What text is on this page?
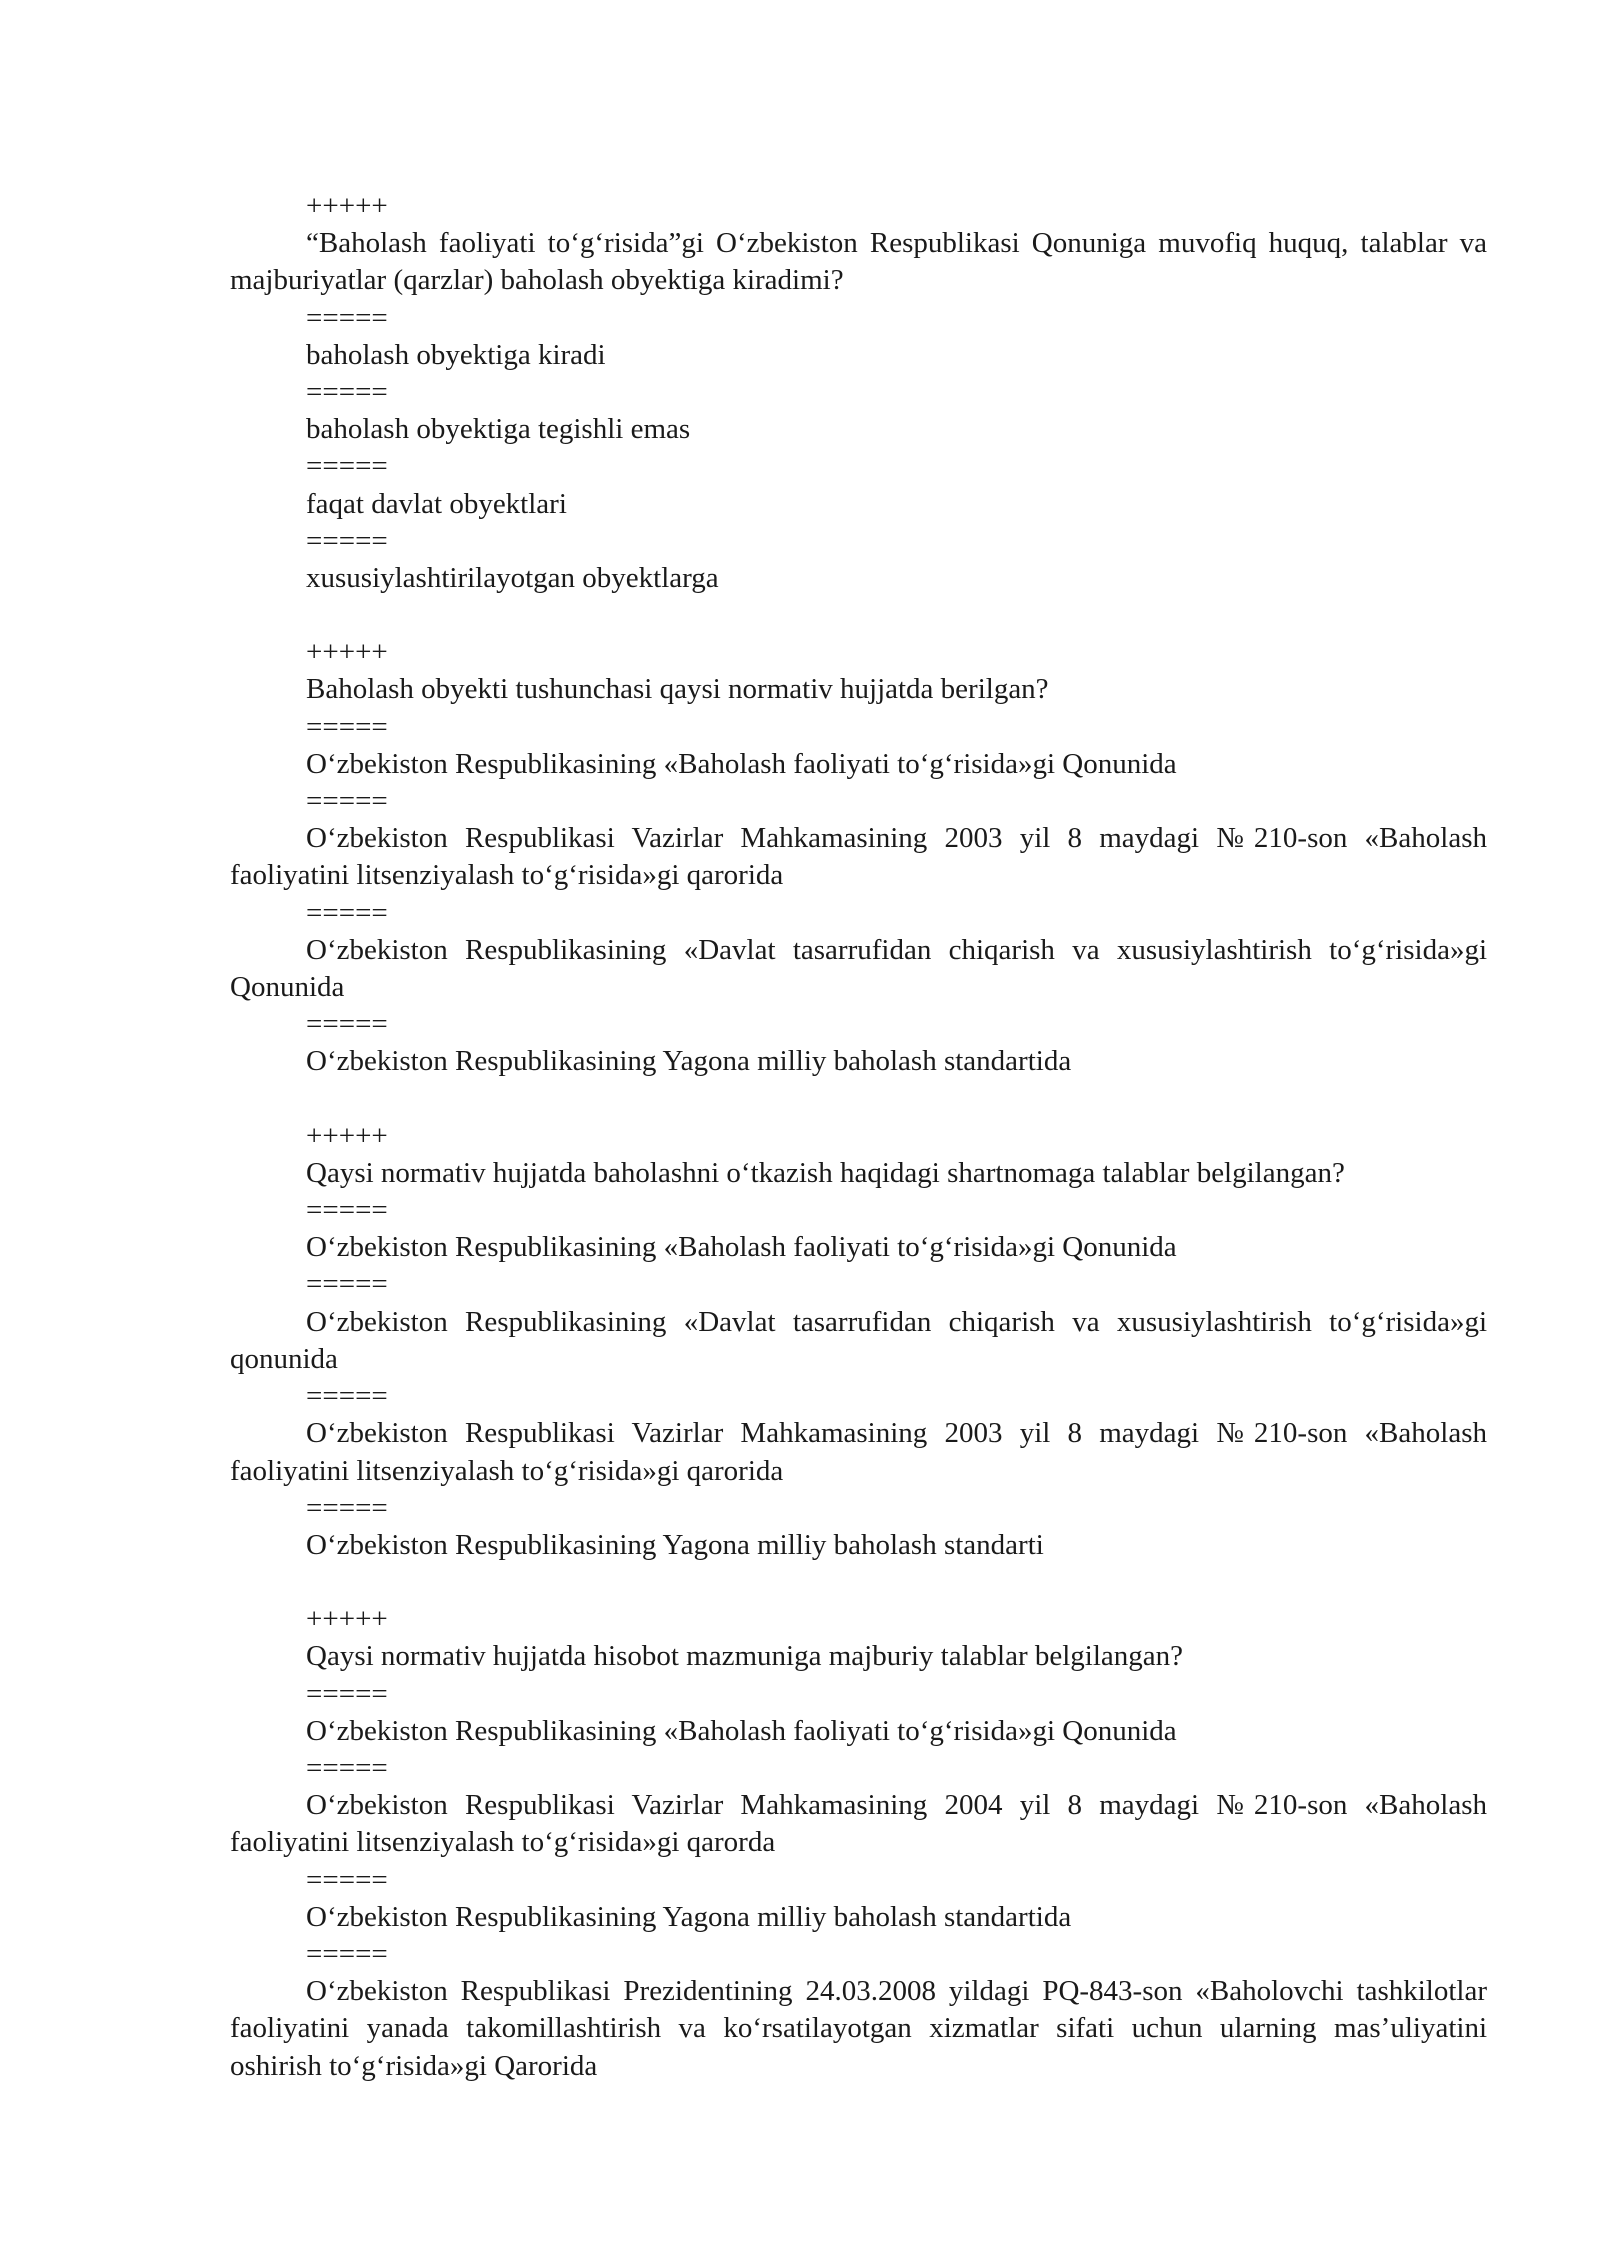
+++++

“Baholash faoliyati to‘g‘risida”gi O‘zbekiston Respublikasi Qonuniga muvofiq huquq, talablar va majburiyatlar (qarzlar) baholash obyektiga kiradimi?

=====

baholash obyektiga kiradi

=====

baholash obyektiga tegishli emas

=====

faqat davlat obyektlari

=====

xususiylashtirilayotgan obyektlarga

+++++

Baholash obyekti tushunchasi qaysi normativ hujjatda berilgan?

=====

O‘zbekiston Respublikasining «Baholash faoliyati to‘g‘risida»gi Qonunida

=====

O‘zbekiston Respublikasi Vazirlar Mahkamasining 2003 yil 8 maydagi №210-son «Baholash faoliyatini litsenziyalash to‘g‘risida»gi qarorida

=====

O‘zbekiston Respublikasining «Davlat tasarrufidan chiqarish va xususiylashtirish to‘g‘risida»gi Qonunida

=====

O‘zbekiston Respublikasining Yagona milliy baholash standartida

+++++

Qaysi normativ hujjatda baholashni o‘tkazish haqidagi shartnomaga talablar belgilangan?

=====

O‘zbekiston Respublikasining «Baholash faoliyati to‘g‘risida»gi Qonunida

=====

O‘zbekiston Respublikasining «Davlat tasarrufidan chiqarish va xususiylashtirish to‘g‘risida»gi qonunida

=====

O‘zbekiston Respublikasi Vazirlar Mahkamasining 2003 yil 8 maydagi №210-son «Baholash faoliyatini litsenziyalash to‘g‘risida»gi qarorida

=====

O‘zbekiston Respublikasining Yagona milliy baholash standarti

+++++

Qaysi normativ hujjatda hisobot mazmuniga majburiy talablar belgilangan?

=====

O‘zbekiston Respublikasining «Baholash faoliyati to‘g‘risida»gi Qonunida

=====

O‘zbekiston Respublikasi Vazirlar Mahkamasining 2004 yil 8 maydagi №210-son «Baholash faoliyatini litsenziyalash to‘g‘risida»gi qarorda

=====

O‘zbekiston Respublikasining Yagona milliy baholash standartida

=====

O‘zbekiston Respublikasi Prezidentining 24.03.2008 yildagi PQ-843-son «Baholovchi tashkilotlar faoliyatini yanada takomillashtirish va ko‘rsatilayotgan xizmatlar sifati uchun ularning mas’uliyatini oshirish to‘g‘risida»gi Qarorida
